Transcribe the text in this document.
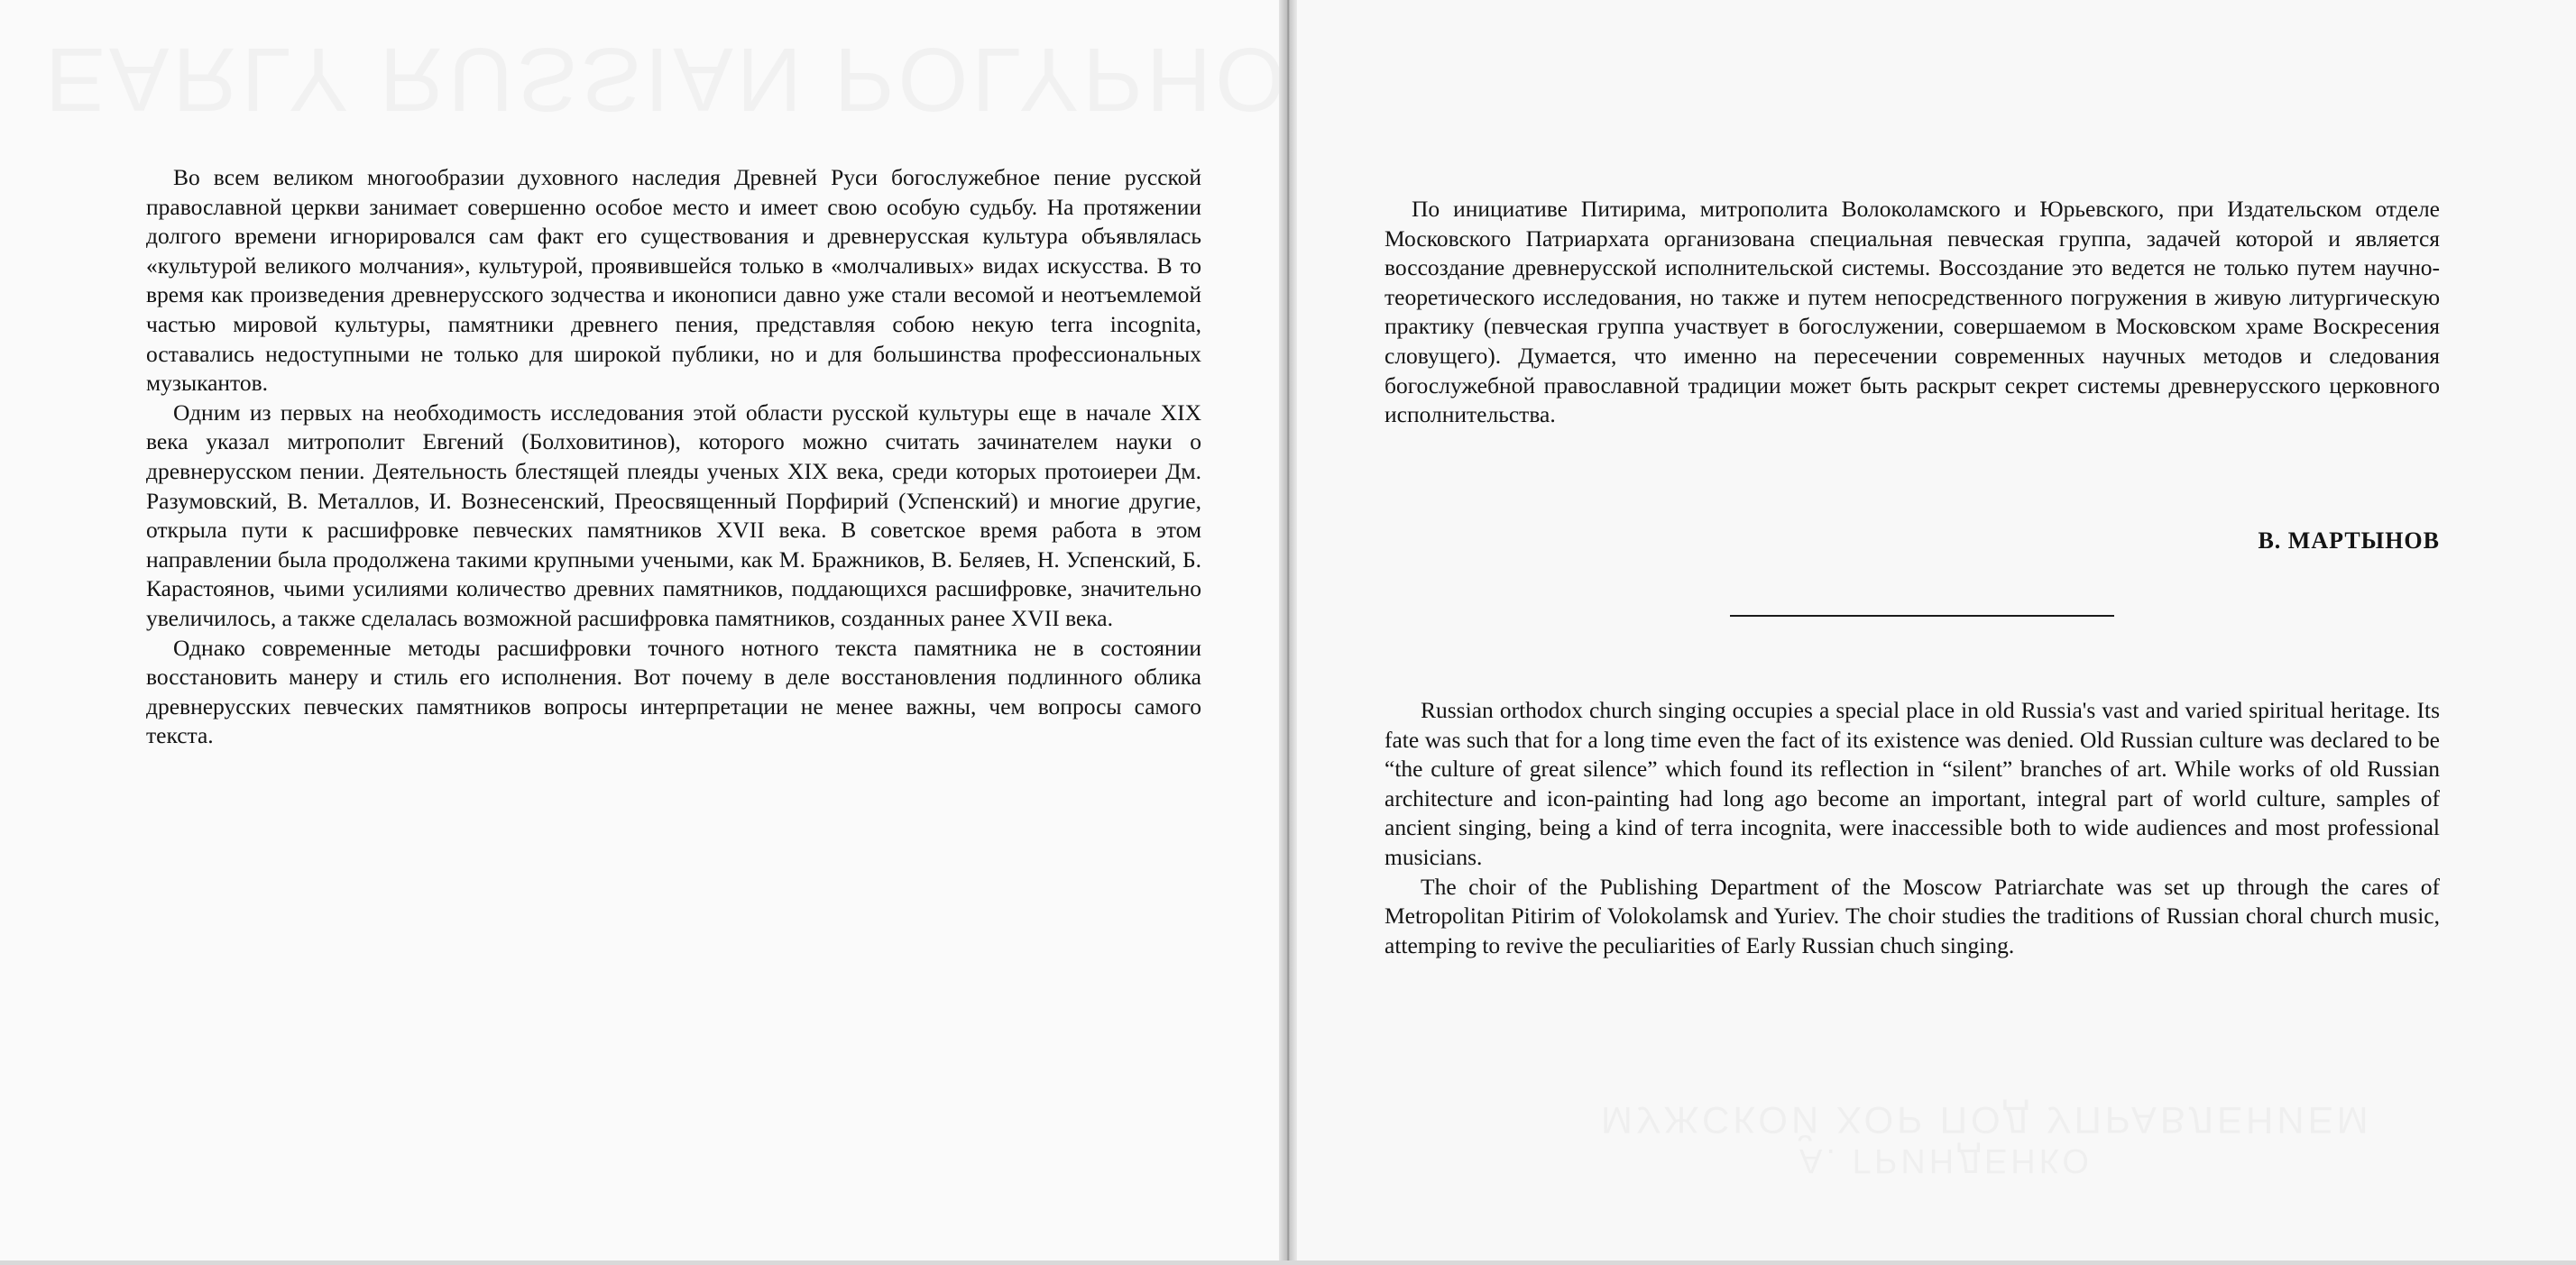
Во всем великом многообразии духовного наследия Древней Руси богослужебное пение русской православной церкви занимает совершенно особое место и имеет свою особую судьбу. На протяжении долгого времени игнорировался сам факт его существования и древнерусская культура объявлялась «культурой великого молчания», культурой, проявившейся только в «молчаливых» видах искусства. В то время как произведения древнерусского зодчества и иконописи давно уже стали весомой и неотъемлемой частью мировой культуры, памятники древнего пения, представляя собою некую terra incognita, оставались недоступными не только для широкой публики, но и для большинства профессиональных музыкантов.

Одним из первых на необходимость исследования этой области русской культуры еще в начале XIX века указал митрополит Евгений (Болховитинов), которого можно считать зачинателем науки о древнерусском пении. Деятельность блестящей плеяды ученых XIX века, среди которых протоиереи Дм. Разумовский, В. Металлов, И. Вознесенский, Преосвященный Порфирий (Успенский) и многие другие, открыла пути к расшифровке певческих памятников XVII века. В советское время работа в этом направлении была продолжена такими крупными учеными, как М. Бражников, В. Беляев, Н. Успенский, Б. Карастоянов, чьими усилиями количество древних памятников, поддающихся расшифровке, значительно увеличилось, а также сделалась возможной расшифровка памятников, созданных ранее XVII века.

Однако современные методы расшифровки точного нотного текста памятника не в состоянии восстановить манеру и стиль его исполнения. Вот почему в деле восстановления подлинного облика древнерусских певческих памятников вопросы интерпретации не менее важны, чем вопросы самого текста.

По инициативе Питирима, митрополита Волоколамского и Юрьевского, при Издательском отделе Московского Патриархата организована специальная певческая группа, задачей которой и является воссоздание древнерусской исполнительской системы. Воссоздание это ведется не только путем научно-теоретического исследования, но также и путем непосредственного погружения в живую литургическую практику (певческая группа участвует в богослужении, совершаемом в Московском храме Воскресения словущего). Думается, что именно на пересечении современных научных методов и следования богослужебной православной традиции может быть раскрыт секрет системы древнерусского церковного исполнительства.

В. МАРТЫНОВ

Russian orthodox church singing occupies a special place in old Russia's vast and varied spiritual heritage. Its fate was such that for a long time even the fact of its existence was denied. Old Russian culture was declared to be “the culture of great silence” which found its reflection in “silent” branches of art. While works of old Russian architecture and icon-painting had long ago become an important, integral part of world culture, samples of ancient singing, being a kind of terra incognita, were inaccessible both to wide audiences and most professional musicians.

The choir of the Publishing Department of the Moscow Patriarchate was set up through the cares of Metropolitan Pitirim of Volokolamsk and Yuriev. The choir studies the traditions of Russian choral church music, attemping to revive the peculiarities of Early Russian chuch singing.
